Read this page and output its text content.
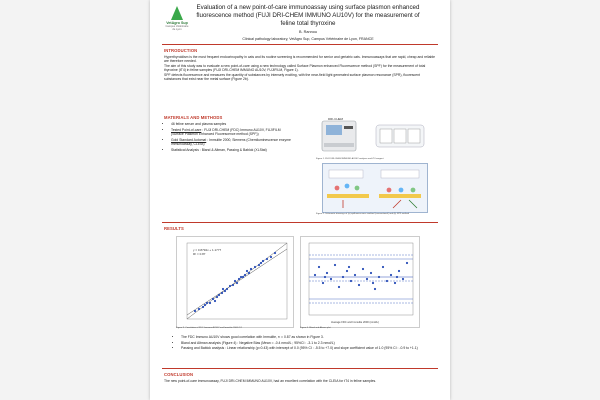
VetAgro Sup
Campus Vétérinaire de Lyon
Evaluation of a new point-of-care immunoassay using surface plasmon enhanced fluorescence method (FUJI DRI-CHEM IMMUNO AU10V) for the measurement of feline total thyroxine
B. Rannou
Clinical pathology laboratory, VetAgro Sup, Campus Vétérinaire de Lyon, FRANCE
INTRODUCTION
Hyperthyroidism is the most frequent endocrinopathy in cats and its routine screening is recommended for senior and geriatric cats. Immunoassays that are rapid, cheap and reliable are therefore needed.
The aim of this study was to evaluate a new point-of-care using a new technology called Surface Plasmon enhanced Fluorescence method (SPF) for the measurement of total thyroxine (tT4) in feline samples (FUJI DRI-CHEM IMMUNO AU10V, FUJIFILM, Figure 1).
SPF detects fluorescence and measures the quantity of substances by intensely exciting, with the near-field light generated surface plasmon resonance (SPR), fluorescent substances that exist near the metal surface (Figure 2b).
MATERIALS AND METHODS
• 46 feline serum and plasma samples
• Tested Point-of-care : FUJI DRI-CHEM (FDC) Immuno AU10V, FUJIFILM (Surface Plasmon Enhanced Fluorescence method (SPF))
• Gold Standard Automat : Immulite 2000, Siemens (Chemiluminescence enzyme immunoassay, CLEIA)
• Statistical Analysis : Bland & Altman, Passing & Bablok (XLStat)
DRI-CHEM
Figure 1. FUJI DRI-CHEM IMMUNO AU10V analyzer and tT4 reagent
Figure 2. Schematic drawings of (a) epifluorescence method (conventional) and (b) SPF method
RESULTS
y = 0.8794x + 1.1777
R² = 0.87
Figure 3. Correlation of FDC Immuno AU10V and Immulite 2000 tT4
Average FDC and Immulite 2000 (nmol/L)
Figure 4. Bland and Altman plot
• The FDC Immuno AU10V shows good correlation with Immulite, r² = 0.87 as shown in Figure 3.
• Bland and Altman analysis (Figure 4) : Negative Bias (Mean = -0.4 nmol/L ; 95%CI : -3.1 to 2.3 nmol/L)
• Passing and Bablok analysis : Linear relationship (p=0.43) with intercept of 0.0 (95% CI : -5.5 to +7.0) and slope coefficient value of 1.0 (95% CI : -0.9 to +1.1)
CONCLUSION
The new point-of-care immunoassay, FUJI DRI-CHEM IMMUNO AU10V, had an excellent correlation with the CLEIA for tT4 in feline samples.
